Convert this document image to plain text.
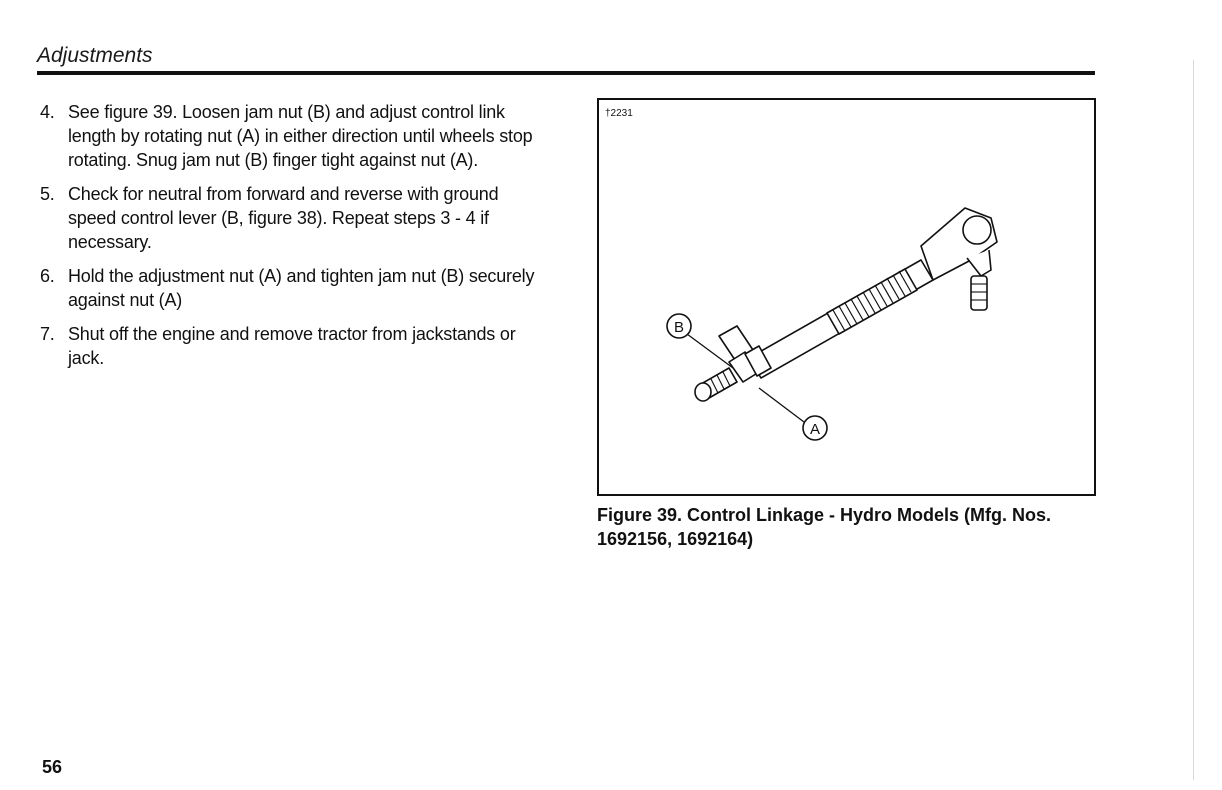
Adjustments
4. See figure 39. Loosen jam nut (B) and adjust control link length by rotating nut (A) in either direction until wheels stop rotating. Snug jam nut (B) finger tight against nut (A).
5. Check for neutral from forward and reverse with ground speed control lever (B, figure 38). Repeat steps 3 - 4 if necessary.
6. Hold the adjustment nut (A) and tighten jam nut (B) securely against nut (A)
7. Shut off the engine and remove tractor from jackstands or jack.
B
A
†2231
Figure 39. Control Linkage - Hydro Models (Mfg. Nos. 1692156, 1692164)
56
